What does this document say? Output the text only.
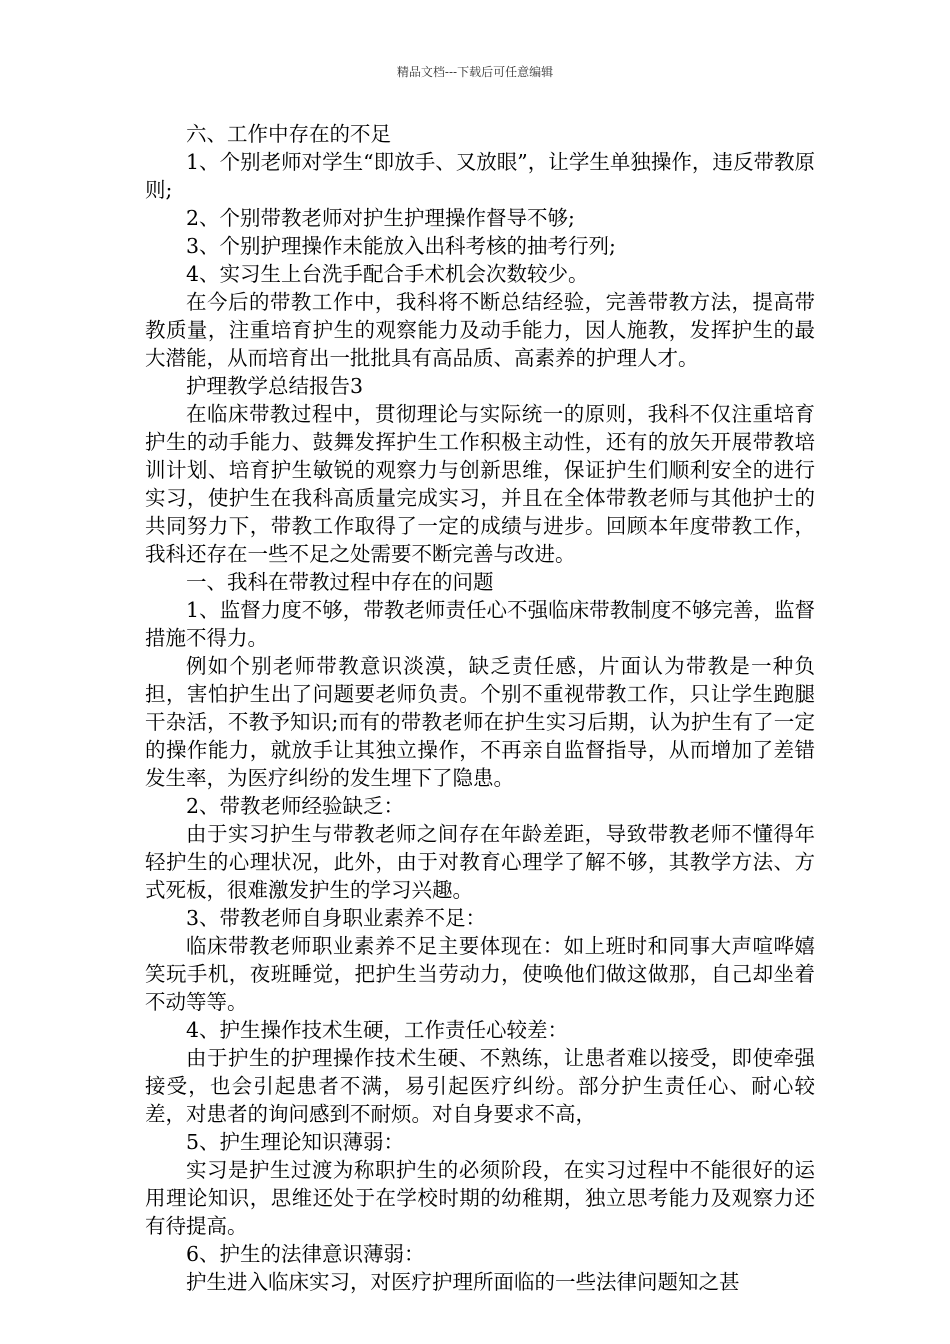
精品文档---下载后可任意编辑

六、工作中存在的不足

1、个别老师对学生“即放手、又放眼”，让学生单独操作，违反带教原则;

2、个别带教老师对护生护理操作督导不够;

3、个别护理操作未能放入出科考核的抽考行列;

4、实习生上台洗手配合手术机会次数较少。

在今后的带教工作中，我科将不断总结经验，完善带教方法，提高带教质量，注重培育护生的观察能力及动手能力，因人施教，发挥护生的最大潜能，从而培育出一批批具有高品质、高素养的护理人才。

护理教学总结报告3

在临床带教过程中，贯彻理论与实际统一的原则，我科不仅注重培育护生的动手能力、鼓舞发挥护生工作积极主动性，还有的放矢开展带教培训计划、培育护生敏锐的观察力与创新思维，保证护生们顺利安全的进行实习，使护生在我科高质量完成实习，并且在全体带教老师与其他护士的共同努力下，带教工作取得了一定的成绩与进步。回顾本年度带教工作，我科还存在一些不足之处需要不断完善与改进。

一、我科在带教过程中存在的问题

1、监督力度不够，带教老师责任心不强临床带教制度不够完善，监督措施不得力。

例如个别老师带教意识淡漠，缺乏责任感，片面认为带教是一种负担，害怕护生出了问题要老师负责。个别不重视带教工作，只让学生跑腿干杂活，不教予知识;而有的带教老师在护生实习后期，认为护生有了一定的操作能力，就放手让其独立操作，不再亲自监督指导，从而增加了差错发生率，为医疗纠纷的发生埋下了隐患。

2、带教老师经验缺乏：

由于实习护生与带教老师之间存在年龄差距，导致带教老师不懂得年轻护生的心理状况，此外，由于对教育心理学了解不够，其教学方法、方式死板，很难激发护生的学习兴趣。

3、带教老师自身职业素养不足：

临床带教老师职业素养不足主要体现在：如上班时和同事大声喧哗嬉笑玩手机，夜班睡觉，把护生当劳动力，使唤他们做这做那，自己却坐着不动等等。

4、护生操作技术生硬，工作责任心较差：

由于护生的护理操作技术生硬、不熟练，让患者难以接受，即使牵强接受，也会引起患者不满，易引起医疗纠纷。部分护生责任心、耐心较差，对患者的询问感到不耐烦。对自身要求不高，

5、护生理论知识薄弱：

实习是护生过渡为称职护生的必须阶段，在实习过程中不能很好的运用理论知识，思维还处于在学校时期的幼稚期，独立思考能力及观察力还有待提高。

6、护生的法律意识薄弱：

护生进入临床实习，对医疗护理所面临的一些法律问题知之甚
